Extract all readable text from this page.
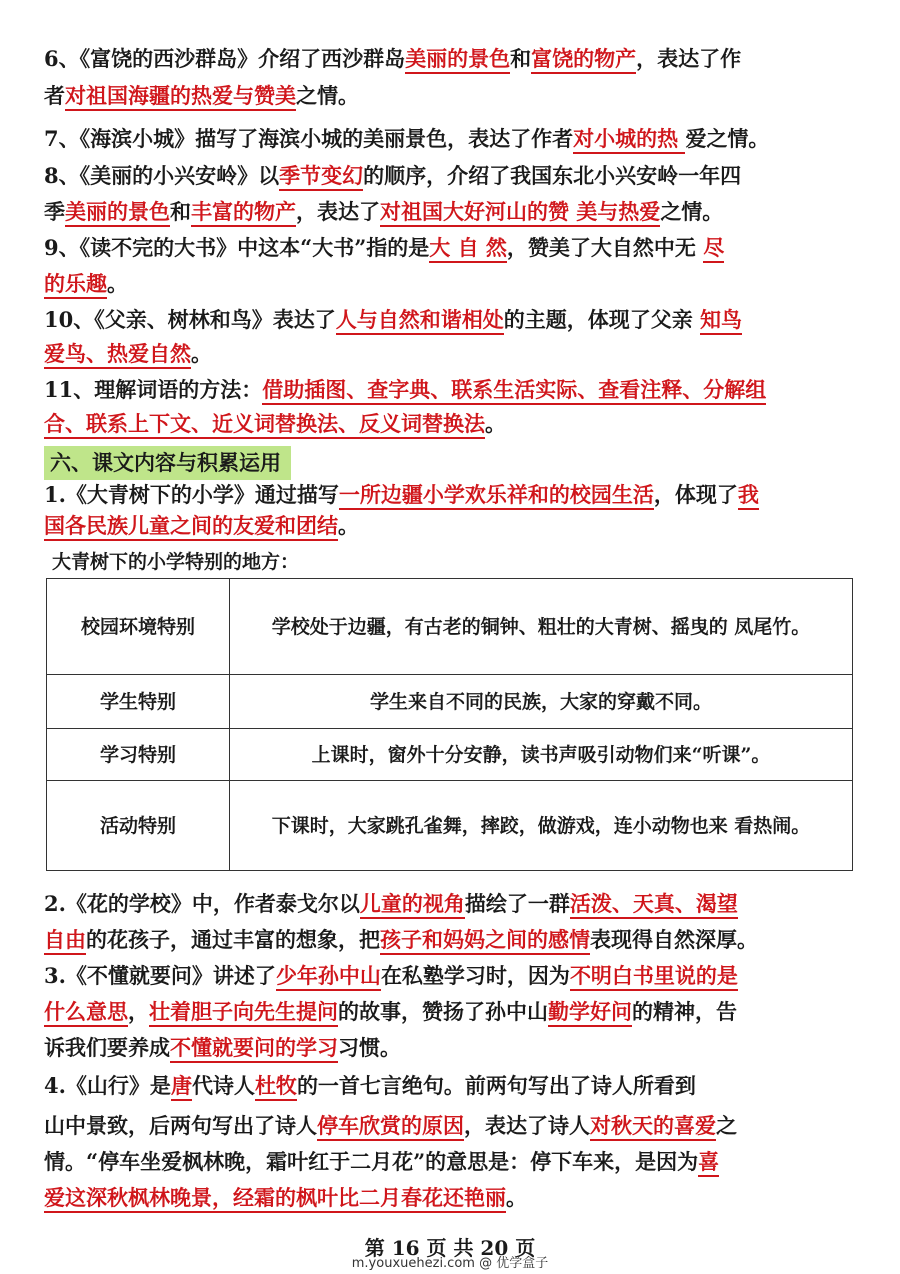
6、《富饶的西沙群岛》介绍了西沙群岛美丽的景色和富饶的物产，表达了作
者对祖国海疆的热爱与赞美之情。
7、《海滨小城》描写了海滨小城的美丽景色，表达了作者对小城的热 爱之情。
8、《美丽的小兴安岭》以季节变幻的顺序，介绍了我国东北小兴安岭一年四
季美丽的景色和丰富的物产，表达了对祖国大好河山的赞 美与热爱之情。
9、《读不完的大书》中这本“大书”指的是大 自 然，赞美了大自然中无 尽
的乐趣。
10、《父亲、树林和鸟》表达了人与自然和谐相处的主题，体现了父亲 知鸟
爱鸟、热爱自然。
11、理解词语的方法：借助插图、查字典、联系生活实际、查看注释、分解组
合、联系上下文、近义词替换法、反义词替换法。
六、课文内容与积累运用
1.《大青树下的小学》通过描写一所边疆小学欢乐祥和的校园生活，体现了我
国各民族儿童之间的友爱和团结。
大青树下的小学特别的地方：
校园环境特别	学校处于边疆，有古老的铜钟、粗壮的大青树、摇曳的 凤尾竹。
学生特别	学生来自不同的民族，大家的穿戴不同。
学习特别	上课时，窗外十分安静，读书声吸引动物们来“听课”。
活动特别	下课时，大家跳孔雀舞，摔跤，做游戏，连小动物也来 看热闹。
2.《花的学校》中，作者泰戈尔以儿童的视角描绘了一群活泼、天真、渴望
自由的花孩子，通过丰富的想象，把孩子和妈妈之间的感情表现得自然深厚。
3.《不懂就要问》讲述了少年孙中山在私塾学习时，因为不明白书里说的是
什么意思，壮着胆子向先生提问的故事，赞扬了孙中山勤学好问的精神，告
诉我们要养成不懂就要问的学习习惯。
4.《山行》是唐代诗人杜牧的一首七言绝句。前两句写出了诗人所看到
山中景致，后两句写出了诗人停车欣赏的原因，表达了诗人对秋天的喜爱之
情。“停车坐爱枫林晚，霜叶红于二月花”的意思是：停下车来，是因为喜
爱这深秋枫林晚景，经霜的枫叶比二月春花还艳丽。
第 16 页 共 20 页
m.youxuehezi.com @ 优学盒子
